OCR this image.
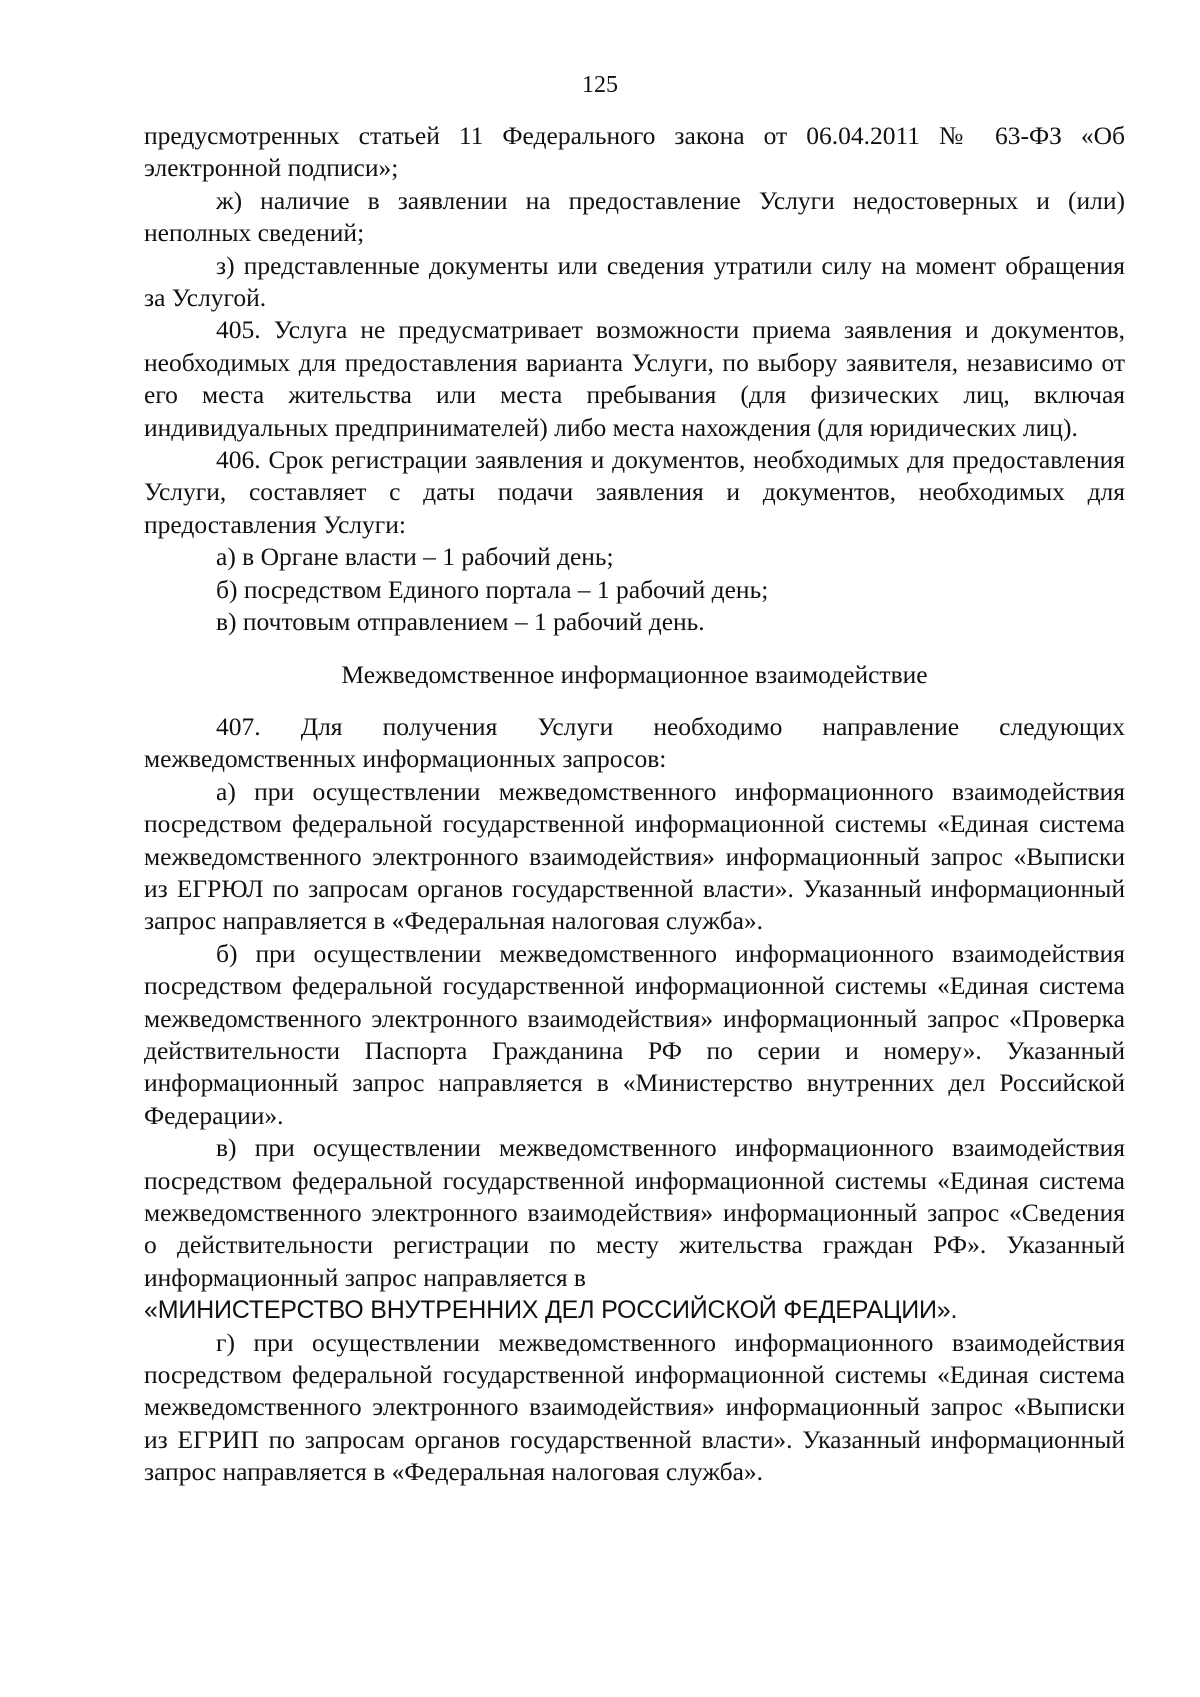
125

предусмотренных статьей 11 Федерального закона от 06.04.2011 № 63-ФЗ «Об электронной подписи»;

ж) наличие в заявлении на предоставление Услуги недостоверных и (или) неполных сведений;

з) представленные документы или сведения утратили силу на момент обращения за Услугой.

405. Услуга не предусматривает возможности приема заявления и документов, необходимых для предоставления варианта Услуги, по выбору заявителя, независимо от его места жительства или места пребывания (для физических лиц, включая индивидуальных предпринимателей) либо места нахождения (для юридических лиц).

406. Срок регистрации заявления и документов, необходимых для предоставления Услуги, составляет с даты подачи заявления и документов, необходимых для предоставления Услуги:

а) в Органе власти – 1 рабочий день;

б) посредством Единого портала – 1 рабочий день;

в) почтовым отправлением – 1 рабочий день.

Межведомственное информационное взаимодействие

407. Для получения Услуги необходимо направление следующих межведомственных информационных запросов:

а) при осуществлении межведомственного информационного взаимодействия посредством федеральной государственной информационной системы «Единая система межведомственного электронного взаимодействия» информационный запрос «Выписки из ЕГРЮЛ по запросам органов государственной власти». Указанный информационный запрос направляется в «Федеральная налоговая служба».

б) при осуществлении межведомственного информационного взаимодействия посредством федеральной государственной информационной системы «Единая система межведомственного электронного взаимодействия» информационный запрос «Проверка действительности Паспорта Гражданина РФ по серии и номеру». Указанный информационный запрос направляется в «Министерство внутренних дел Российской Федерации».

в) при осуществлении межведомственного информационного взаимодействия посредством федеральной государственной информационной системы «Единая система межведомственного электронного взаимодействия» информационный запрос «Сведения о действительности регистрации по месту жительства граждан РФ». Указанный информационный запрос направляется в

«МИНИСТЕРСТВО ВНУТРЕННИХ ДЕЛ РОССИЙСКОЙ ФЕДЕРАЦИИ».

г) при осуществлении межведомственного информационного взаимодействия посредством федеральной государственной информационной системы «Единая система межведомственного электронного взаимодействия» информационный запрос «Выписки из ЕГРИП по запросам органов государственной власти». Указанный информационный запрос направляется в «Федеральная налоговая служба».
